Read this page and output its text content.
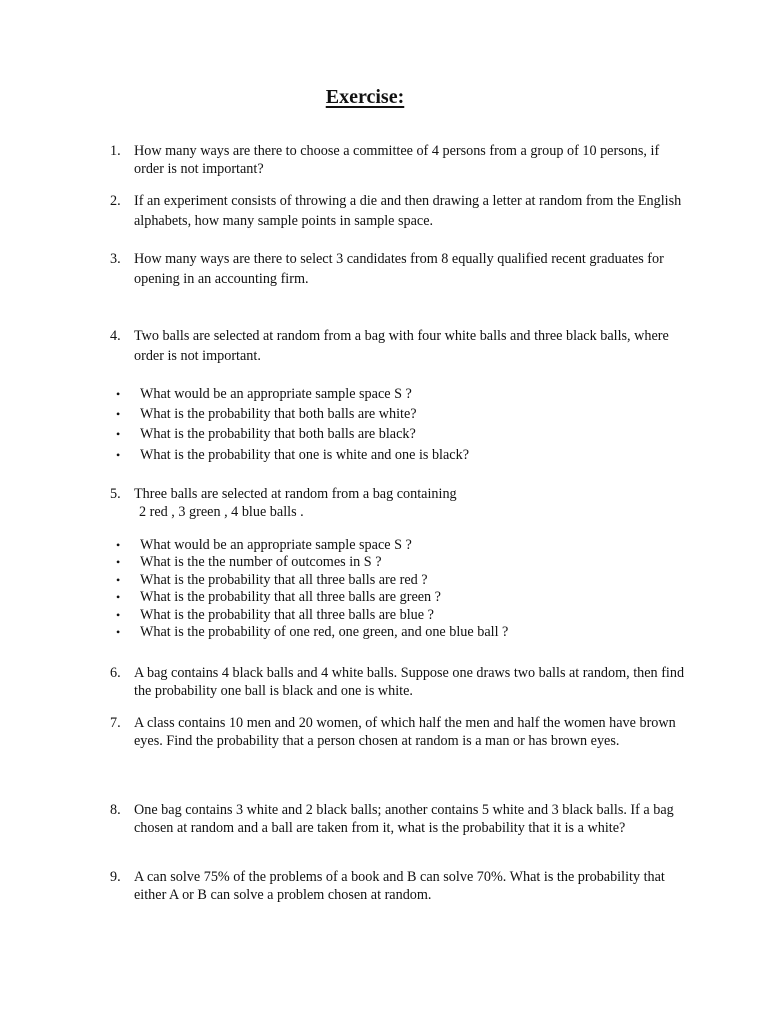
Exercise:
1. How many ways are there to choose a committee of 4 persons from a group of 10 persons, if order is not important?
2. If an experiment consists of throwing a die and then drawing a letter at random from the English alphabets, how many sample points in sample space.
3. How many ways are there to select 3 candidates from 8 equally qualified recent graduates for opening in an accounting firm.
4. Two balls are selected at random from a bag with four white balls and three black balls, where order is not important.
• What would be an appropriate sample space S ?
• What is the probability that both balls are white?
• What is the probability that both balls are black?
• What is the probability that one is white and one is black?
5. Three balls are selected at random from a bag containing
2 red , 3 green , 4 blue balls .
• What would be an appropriate sample space S ?
• What is the the number of outcomes in S ?
• What is the probability that all three balls are red ?
• What is the probability that all three balls are green ?
• What is the probability that all three balls are blue ?
• What is the probability of one red, one green, and one blue ball ?
6. A bag contains 4 black balls and 4 white balls. Suppose one draws two balls at random, then find the probability one ball is black and one is white.
7. A class contains 10 men and 20 women, of which half the men and half the women have brown eyes. Find the probability that a person chosen at random is a man or has brown eyes.
8. One bag contains 3 white and 2 black balls; another contains 5 white and 3 black balls. If a bag chosen at random and a ball are taken from it, what is the probability that it is a white?
9. A can solve 75% of the problems of a book and B can solve 70%. What is the probability that either A or B can solve a problem chosen at random.
